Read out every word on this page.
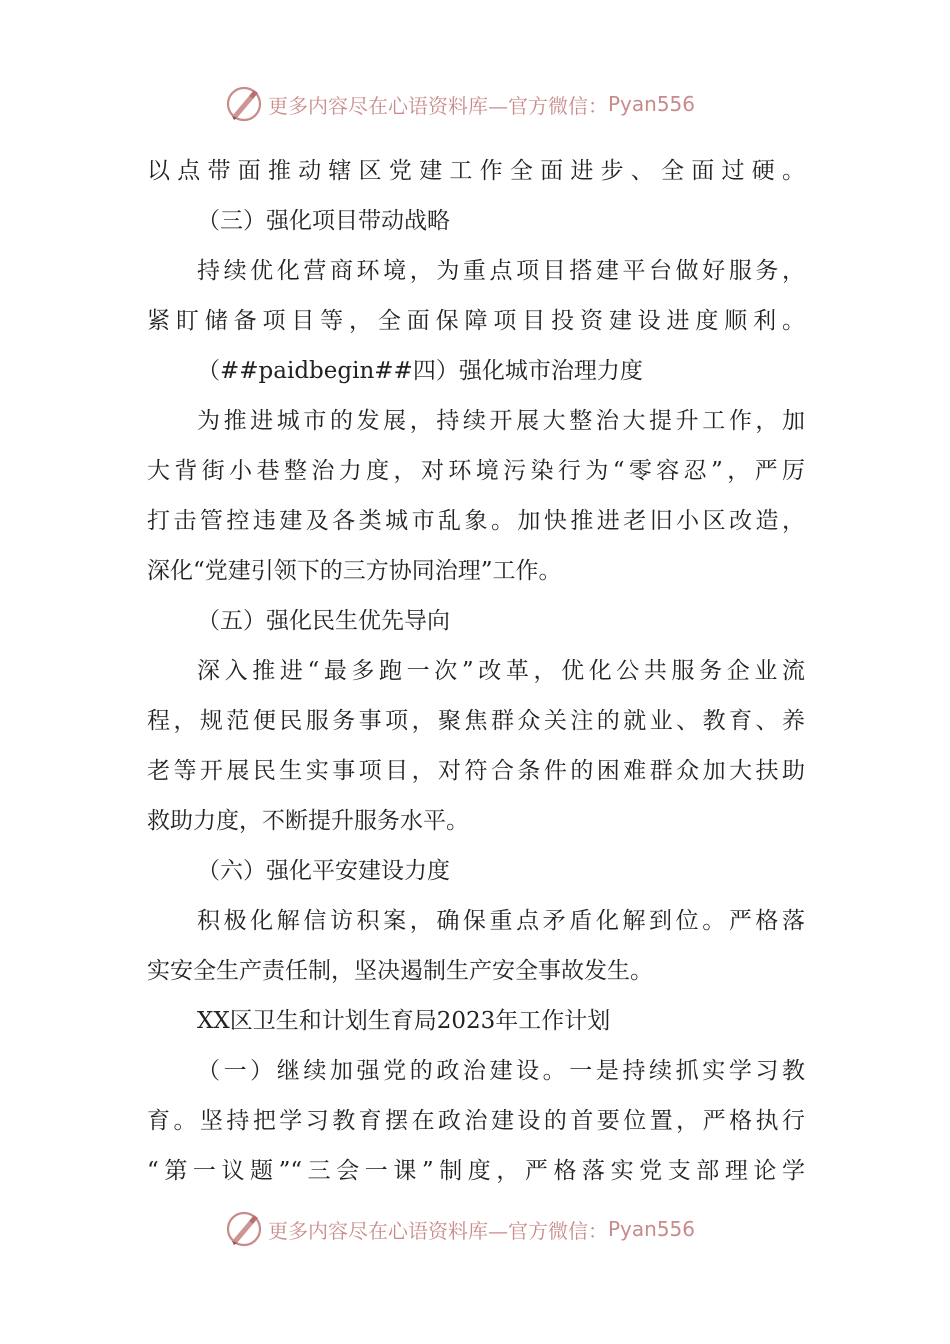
更多内容尽在心语资料库—官方微信： Pyan556
以点带面推动辖区党建工作全面进步、全面过硬。
（三）强化项目带动战略
持续优化营商环境，为重点项目搭建平台做好服务，
紧盯储备项目等，全面保障项目投资建设进度顺利。
（##paidbegin##四）强化城市治理力度
为推进城市的发展，持续开展大整治大提升工作，加
大背街小巷整治力度，对环境污染行为“零容忍”，严厉
打击管控违建及各类城市乱象。加快推进老旧小区改造，
深化“党建引领下的三方协同治理”工作。
（五）强化民生优先导向
深入推进“最多跑一次”改革，优化公共服务企业流
程，规范便民服务事项，聚焦群众关注的就业、教育、养
老等开展民生实事项目，对符合条件的困难群众加大扶助
救助力度，不断提升服务水平。
（六）强化平安建设力度
积极化解信访积案，确保重点矛盾化解到位。严格落
实安全生产责任制，坚决遏制生产安全事故发生。
XX区卫生和计划生育局2023年工作计划
（一）继续加强党的政治建设。一是持续抓实学习教
育。坚持把学习教育摆在政治建设的首要位置，严格执行
“第一议题”“三会一课”制度，严格落实党支部理论学
更多内容尽在心语资料库—官方微信： Pyan556
